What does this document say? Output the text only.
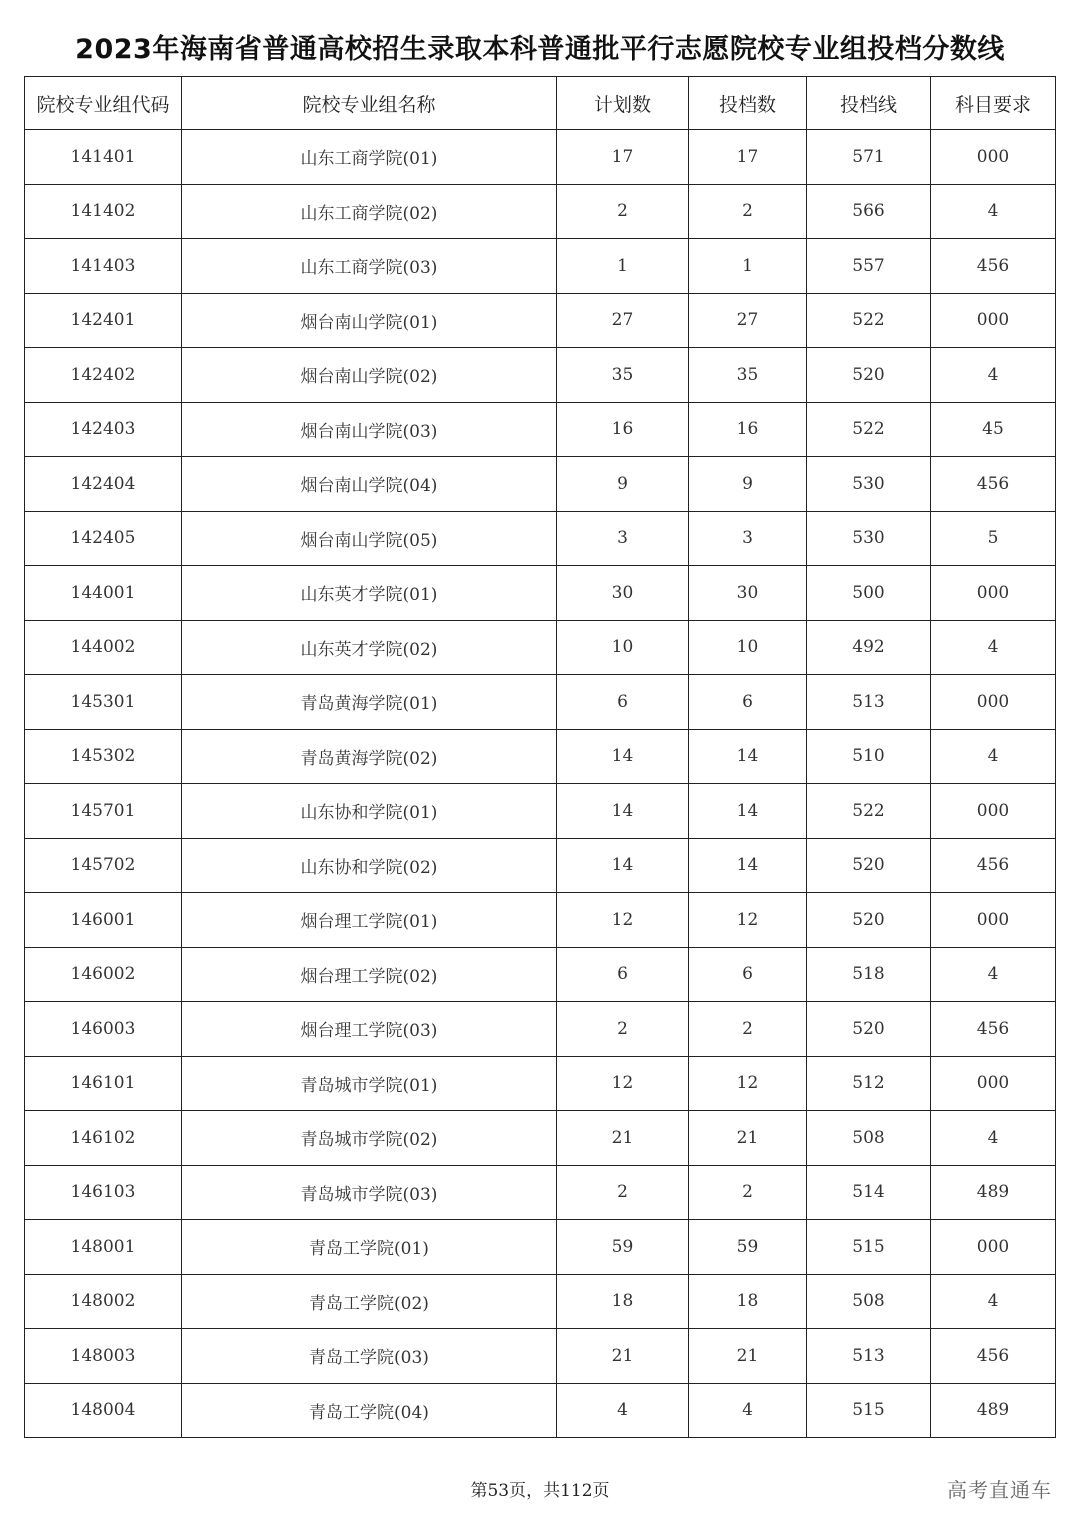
2023年海南省普通高校招生录取本科普通批平行志愿院校专业组投档分数线
院校专业组代码	院校专业组名称	计划数	投档数	投档线	科目要求
141401	山东工商学院(01)	17	17	571	000
141402	山东工商学院(02)	2	2	566	4
141403	山东工商学院(03)	1	1	557	456
142401	烟台南山学院(01)	27	27	522	000
142402	烟台南山学院(02)	35	35	520	4
142403	烟台南山学院(03)	16	16	522	45
142404	烟台南山学院(04)	9	9	530	456
142405	烟台南山学院(05)	3	3	530	5
144001	山东英才学院(01)	30	30	500	000
144002	山东英才学院(02)	10	10	492	4
145301	青岛黄海学院(01)	6	6	513	000
145302	青岛黄海学院(02)	14	14	510	4
145701	山东协和学院(01)	14	14	522	000
145702	山东协和学院(02)	14	14	520	456
146001	烟台理工学院(01)	12	12	520	000
146002	烟台理工学院(02)	6	6	518	4
146003	烟台理工学院(03)	2	2	520	456
146101	青岛城市学院(01)	12	12	512	000
146102	青岛城市学院(02)	21	21	508	4
146103	青岛城市学院(03)	2	2	514	489
148001	青岛工学院(01)	59	59	515	000
148002	青岛工学院(02)	18	18	508	4
148003	青岛工学院(03)	21	21	513	456
148004	青岛工学院(04)	4	4	515	489
第53页，共112页	高考直通车
